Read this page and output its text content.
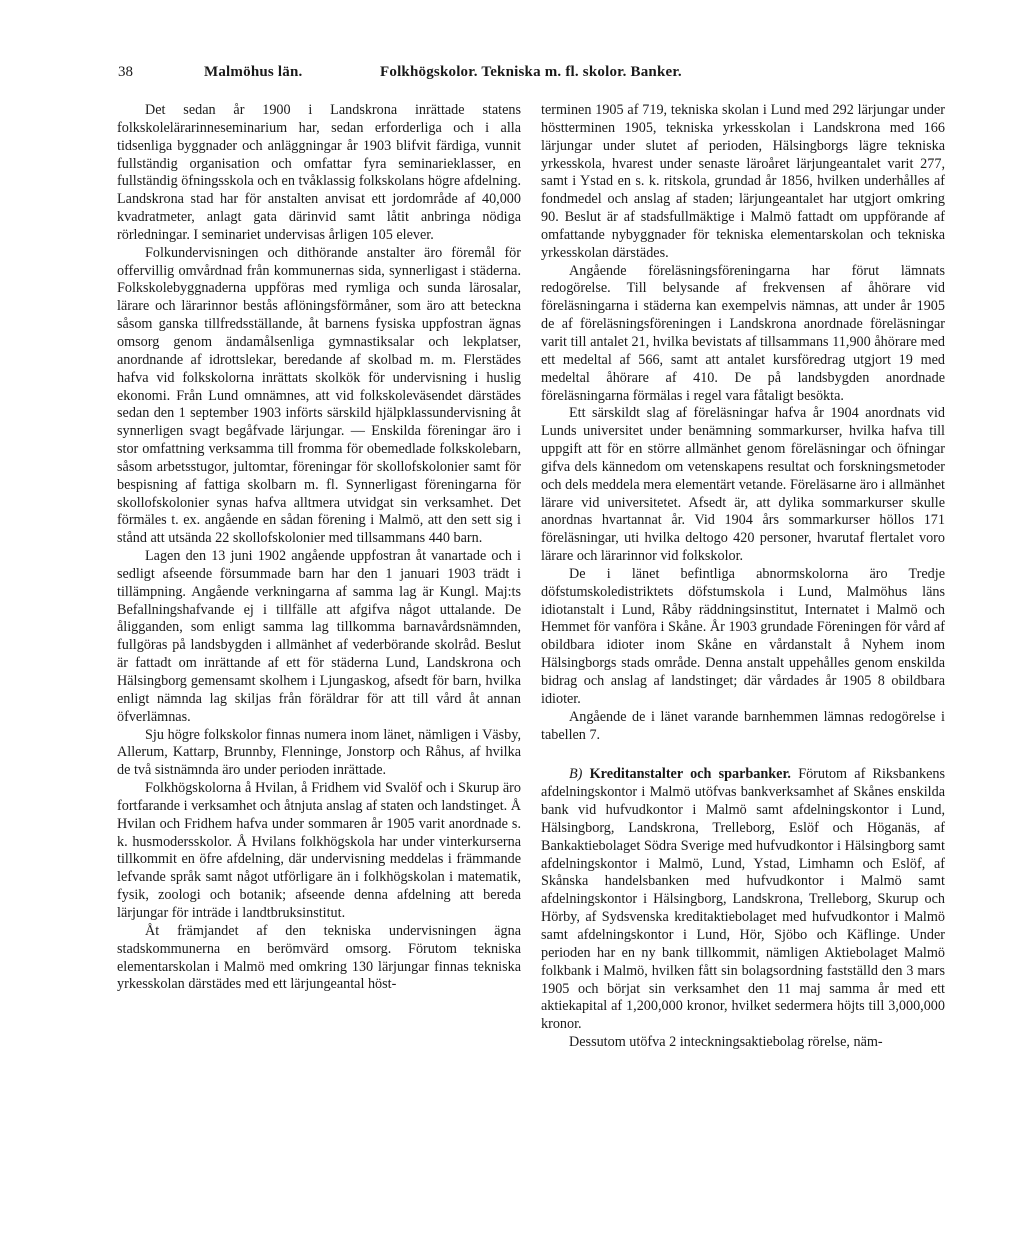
38	Malmöhus län.	Folkhögskolor. Tekniska m. fl. skolor. Banker.

Det sedan år 1900 i Landskrona inrättade statens folkskolelärarinneseminarium har, sedan erforderliga och i alla tidsenliga byggnader och anläggningar år 1903 blifvit färdiga, vunnit fullständig organisation och omfattar fyra seminarieklasser, en fullständig öfningsskola och en tvåklassig folkskolans högre afdelning. Landskrona stad har för anstalten anvisat ett jordområde af 40,000 kvadratmeter, anlagt gata därinvid samt låtit anbringa nödiga rörledningar. I seminariet undervisas årligen 105 elever.

Folkundervisningen och dithörande anstalter äro föremål för offervillig omvårdnad från kommunernas sida, synnerligast i städerna. Folkskolebyggnaderna uppföras med rymliga och sunda lärosalar, lärare och lärarinnor bestås aflöningsförmåner, som äro att beteckna såsom ganska tillfredsställande, åt barnens fysiska uppfostran ägnas omsorg genom ändamålsenliga gymnastiksalar och lekplatser, anordnande af idrottslekar, beredande af skolbad m. m. Flerstädes hafva vid folkskolorna inrättats skolkök för undervisning i huslig ekonomi. Från Lund omnämnes, att vid folkskoleväsendet därstädes sedan den 1 september 1903 införts särskild hjälpklassundervisning åt synnerligen svagt begåfvade lärjungar. — Enskilda föreningar äro i stor omfattning verksamma till fromma för obemedlade folkskolebarn, såsom arbetsstugor, jultomtar, föreningar för skollofskolonier samt för bespisning af fattiga skolbarn m. fl. Synnerligast föreningarna för skollofskolonier synas hafva alltmera utvidgat sin verksamhet. Det förmäles t. ex. angående en sådan förening i Malmö, att den sett sig i stånd att utsända 22 skollofskolonier med tillsammans 440 barn.

Lagen den 13 juni 1902 angående uppfostran åt vanartade och i sedligt afseende försummade barn har den 1 januari 1903 trädt i tillämpning. Angående verkningarna af samma lag är Kungl. Maj:ts Befallningshafvande ej i tillfälle att afgifva något uttalande. De åligganden, som enligt samma lag tillkomma barnavårdsnämnden, fullgöras på landsbygden i allmänhet af vederbörande skolråd. Beslut är fattadt om inrättande af ett för städerna Lund, Landskrona och Hälsingborg gemensamt skolhem i Ljungaskog, afsedt för barn, hvilka enligt nämnda lag skiljas från föräldrar för att till vård åt annan öfverlämnas.

Sju högre folkskolor finnas numera inom länet, nämligen i Väsby, Allerum, Kattarp, Brunnby, Flenninge, Jonstorp och Råhus, af hvilka de två sistnämnda äro under perioden inrättade.

Folkhögskolorna å Hvilan, å Fridhem vid Svalöf och i Skurup äro fortfarande i verksamhet och åtnjuta anslag af staten och landstinget. Å Hvilan och Fridhem hafva under sommaren år 1905 varit anordnade s. k. husmodersskolor. Å Hvilans folkhögskola har under vinterkurserna tillkommit en öfre afdelning, där undervisning meddelas i främmande lefvande språk samt något utförligare än i folkhögskolan i matematik, fysik, zoologi och botanik; afseende denna afdelning att bereda lärjungar för inträde i landtbruksinstitut.

Åt främjandet af den tekniska undervisningen ägna stadskommunerna en berömvärd omsorg. Förutom tekniska elementarskolan i Malmö med omkring 130 lärjungar finnas tekniska yrkesskolan därstädes med ett lärjungeantal höst-

terminen 1905 af 719, tekniska skolan i Lund med 292 lärjungar under höstterminen 1905, tekniska yrkesskolan i Landskrona med 166 lärjungar under slutet af perioden, Hälsingborgs lägre tekniska yrkesskola, hvarest under senaste läroåret lärjungeantalet varit 277, samt i Ystad en s. k. ritskola, grundad år 1856, hvilken underhålles af fondmedel och anslag af staden; lärjungeantalet har utgjort omkring 90. Beslut är af stadsfullmäktige i Malmö fattadt om uppförande af omfattande nybyggnader för tekniska elementarskolan och tekniska yrkesskolan därstädes.

Angående föreläsningsföreningarna har förut lämnats redogörelse. Till belysande af frekvensen af åhörare vid föreläsningarna i städerna kan exempelvis nämnas, att under år 1905 de af föreläsningsföreningen i Landskrona anordnade föreläsningar varit till antalet 21, hvilka bevistats af tillsammans 11,900 åhörare med ett medeltal af 566, samt att antalet kursföredrag utgjort 19 med medeltal åhörare af 410. De på landsbygden anordnade föreläsningarna förmälas i regel vara fåtaligt besökta.

Ett särskildt slag af föreläsningar hafva år 1904 anordnats vid Lunds universitet under benämning sommarkurser, hvilka hafva till uppgift att för en större allmänhet genom föreläsningar och öfningar gifva dels kännedom om vetenskapens resultat och forskningsmetoder och dels meddela mera elementärt vetande. Föreläsarne äro i allmänhet lärare vid universitetet. Afsedt är, att dylika sommarkurser skulle anordnas hvartannat år. Vid 1904 års sommarkurser höllos 171 föreläsningar, uti hvilka deltogo 420 personer, hvarutaf flertalet voro lärare och lärarinnor vid folkskolor.

De i länet befintliga abnormskolorna äro Tredje döfstumskoledistriktets döfstumskola i Lund, Malmöhus läns idiotanstalt i Lund, Råby räddningsinstitut, Internatet i Malmö och Hemmet för vanföra i Skåne. År 1903 grundade Föreningen för vård af obildbara idioter inom Skåne en vårdanstalt å Nyhem inom Hälsingborgs stads område. Denna anstalt uppehålles genom enskilda bidrag och anslag af landstinget; där vårdades år 1905 8 obildbara idioter.

Angående de i länet varande barnhemmen lämnas redogörelse i tabellen 7.

B) Kreditanstalter och sparbanker. Förutom af Riksbankens afdelningskontor i Malmö utöfvas bankverksamhet af Skånes enskilda bank vid hufvudkontor i Malmö samt afdelningskontor i Lund, Hälsingborg, Landskrona, Trelleborg, Eslöf och Höganäs, af Bankaktiebolaget Södra Sverige med hufvudkontor i Hälsingborg samt afdelningskontor i Malmö, Lund, Ystad, Limhamn och Eslöf, af Skånska handelsbanken med hufvudkontor i Malmö samt afdelningskontor i Hälsingborg, Landskrona, Trelleborg, Skurup och Hörby, af Sydsvenska kreditaktiebolaget med hufvudkontor i Malmö samt afdelningskontor i Lund, Hör, Sjöbo och Käflinge. Under perioden har en ny bank tillkommit, nämligen Aktiebolaget Malmö folkbank i Malmö, hvilken fått sin bolagsordning fastställd den 3 mars 1905 och börjat sin verksamhet den 11 maj samma år med ett aktiekapital af 1,200,000 kronor, hvilket sedermera höjts till 3,000,000 kronor.

Dessutom utöfva 2 inteckningsaktiebolag rörelse, näm-
